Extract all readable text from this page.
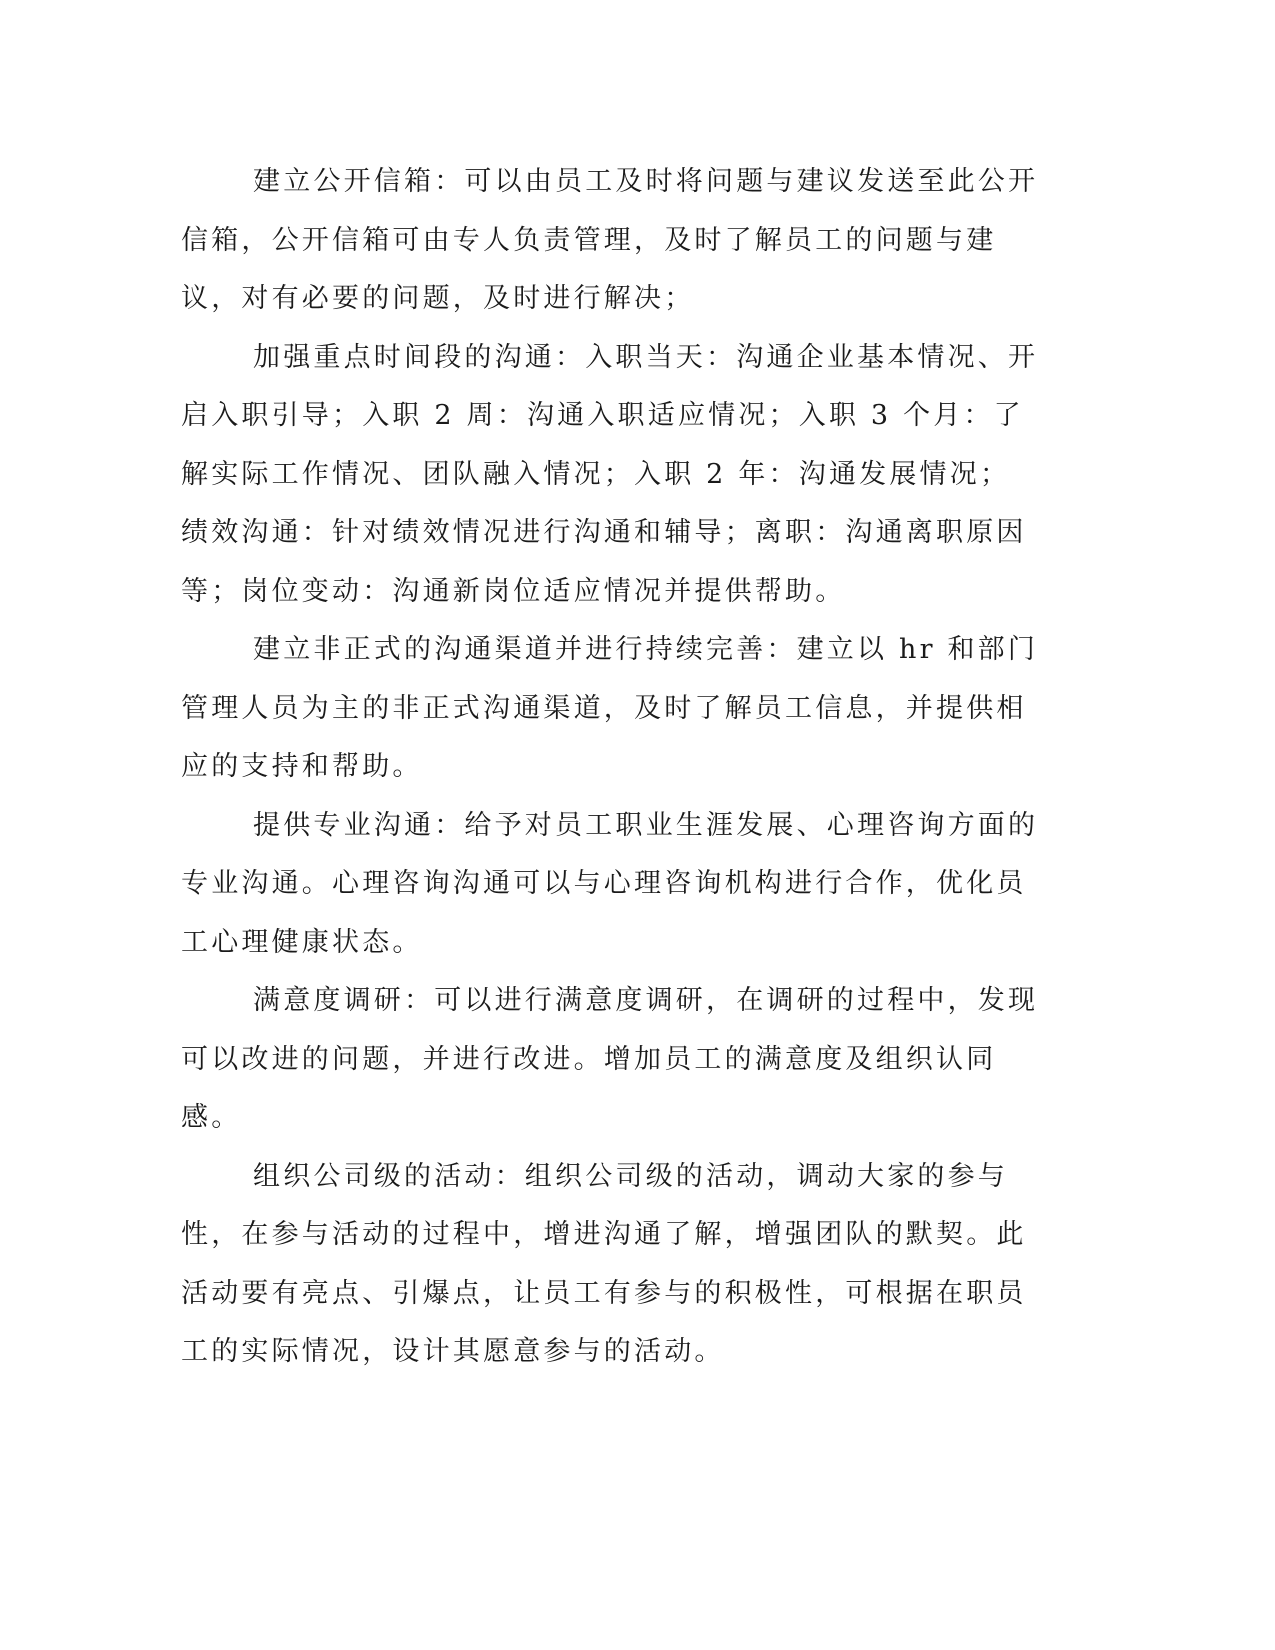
建立公开信箱：可以由员工及时将问题与建议发送至此公开信箱，公开信箱可由专人负责管理，及时了解员工的问题与建议，对有必要的问题，及时进行解决；

加强重点时间段的沟通：入职当天：沟通企业基本情况、开启入职引导；入职 2 周：沟通入职适应情况；入职 3 个月：了解实际工作情况、团队融入情况；入职 2 年：沟通发展情况；绩效沟通：针对绩效情况进行沟通和辅导；离职：沟通离职原因等；岗位变动：沟通新岗位适应情况并提供帮助。

建立非正式的沟通渠道并进行持续完善：建立以 hr 和部门管理人员为主的非正式沟通渠道，及时了解员工信息，并提供相应的支持和帮助。

提供专业沟通：给予对员工职业生涯发展、心理咨询方面的专业沟通。心理咨询沟通可以与心理咨询机构进行合作，优化员工心理健康状态。

满意度调研：可以进行满意度调研，在调研的过程中，发现可以改进的问题，并进行改进。增加员工的满意度及组织认同感。

组织公司级的活动：组织公司级的活动，调动大家的参与性，在参与活动的过程中，增进沟通了解，增强团队的默契。此活动要有亮点、引爆点，让员工有参与的积极性，可根据在职员工的实际情况，设计其愿意参与的活动。
